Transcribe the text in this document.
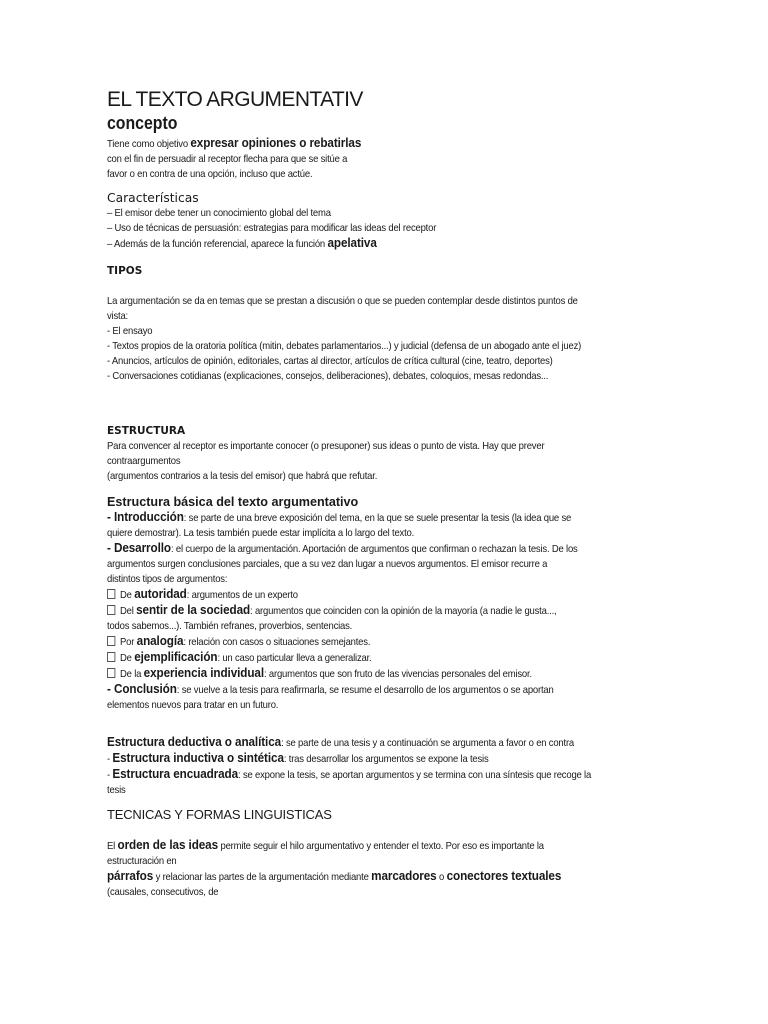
EL TEXTO ARGUMENTATIV
concepto
Tiene como objetivo expresar opiniones o rebatirlas
con el fin de persuadir al receptor flecha para que se sitúe a
favor o en contra de una opción, incluso que actúe.
Características
– El emisor debe tener un conocimiento global del tema
– Uso de técnicas de persuasión: estrategias para modificar las ideas del receptor
– Además de la función referencial, aparece la función apelativa
TIPOS
La argumentación se da en temas que se prestan a discusión o que se pueden contemplar desde distintos puntos de
vista:
- El ensayo
- Textos propios de la oratoria política (mitin, debates parlamentarios...) y judicial (defensa de un abogado ante el juez)
- Anuncios, artículos de opinión, editoriales, cartas al director, artículos de crítica cultural (cine, teatro, deportes)
- Conversaciones cotidianas (explicaciones, consejos, deliberaciones), debates, coloquios, mesas redondas...
ESTRUCTURA
Para convencer al receptor es importante conocer (o presuponer) sus ideas o punto de vista. Hay que prever
contraargumentos
(argumentos contrarios a la tesis del emisor) que habrá que refutar.
Estructura básica del texto argumentativo
- Introducción: se parte de una breve exposición del tema, en la que se suele presentar la tesis (la idea que se
quiere demostrar). La tesis también puede estar implícita a lo largo del texto.
- Desarrollo: el cuerpo de la argumentación. Aportación de argumentos que confirman o rechazan la tesis. De los
argumentos surgen conclusiones parciales, que a su vez dan lugar a nuevos argumentos. El emisor recurre a
distintos tipos de argumentos:
De autoridad: argumentos de un experto
Del sentir de la sociedad: argumentos que coinciden con la opinión de la mayoría (a nadie le gusta...,
todos sabemos...). También refranes, proverbios, sentencias.
Por analogía: relación con casos o situaciones semejantes.
De ejemplificación: un caso particular lleva a generalizar.
De la experiencia individual: argumentos que son fruto de las vivencias personales del emisor.
- Conclusión: se vuelve a la tesis para reafirmarla, se resume el desarrollo de los argumentos o se aportan
elementos nuevos para tratar en un futuro.
Estructura deductiva o analítica: se parte de una tesis y a continuación se argumenta a favor o en contra
- Estructura inductiva o sintética: tras desarrollar los argumentos se expone la tesis
- Estructura encuadrada: se expone la tesis, se aportan argumentos y se termina con una síntesis que recoge la
tesis
TECNICAS Y FORMAS LINGUISTICAS
El orden de las ideas permite seguir el hilo argumentativo y entender el texto. Por eso es importante la
estructuración en
párrafos y relacionar las partes de la argumentación mediante marcadores o conectores textuales
(causales, consecutivos, de
